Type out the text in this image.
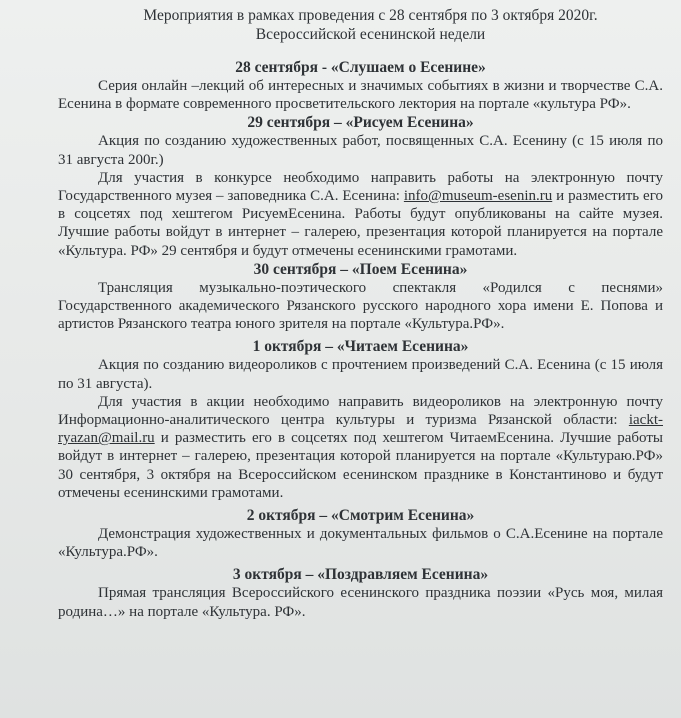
Мероприятия в рамках проведения с 28 сентября по 3 октября 2020г.
Всероссийской есенинской недели

28 сентября - «Слушаем о Есенине»

Серия онлайн –лекций об интересных и значимых событиях в жизни и творчестве С.А. Есенина в формате современного просветительского лектория на портале «культура РФ».

29 сентября – «Рисуем Есенина»

Акция по созданию художественных работ, посвященных С.А. Есенину (с 15 июля по 31 августа 200г.)

Для участия в конкурсе необходимо направить работы на электронную почту Государственного музея – заповедника С.А. Есенина: info@museum-esenin.ru и разместить его в соцсетях под хештегом РисуемЕсенина. Работы будут опубликованы на сайте музея. Лучшие работы войдут в интернет – галерею, презентация которой планируется на портале «Культура. РФ» 29 сентября и будут отмечены есенинскими грамотами.

30 сентября – «Поем Есенина»

Трансляция музыкально-поэтического спектакля «Родился с песнями» Государственного академического Рязанского русского народного хора имени Е. Попова и артистов Рязанского театра юного зрителя на портале «Культура.РФ».

1 октября – «Читаем Есенина»

Акция по созданию видеороликов с прочтением произведений С.А. Есенина (с 15 июля по 31 августа).

Для участия в акции необходимо направить видеороликов на электронную почту Информационно-аналитического центра культуры и туризма Рязанской области: iackt-ryazan@mail.ru и разместить его в соцсетях под хештегом ЧитаемЕсенина. Лучшие работы войдут в интернет – галерею, презентация которой планируется на портале «Культураю.РФ» 30 сентября, 3 октября на Всероссийском есенинском празднике в Константиново и будут отмечены есенинскими грамотами.

2 октября – «Смотрим Есенина»

Демонстрация художественных и документальных фильмов о С.А.Есенине на портале «Культура.РФ».

3 октября – «Поздравляем Есенина»

Прямая трансляция Всероссийского есенинского праздника поэзии «Русь моя, милая родина…» на портале «Культура. РФ».
